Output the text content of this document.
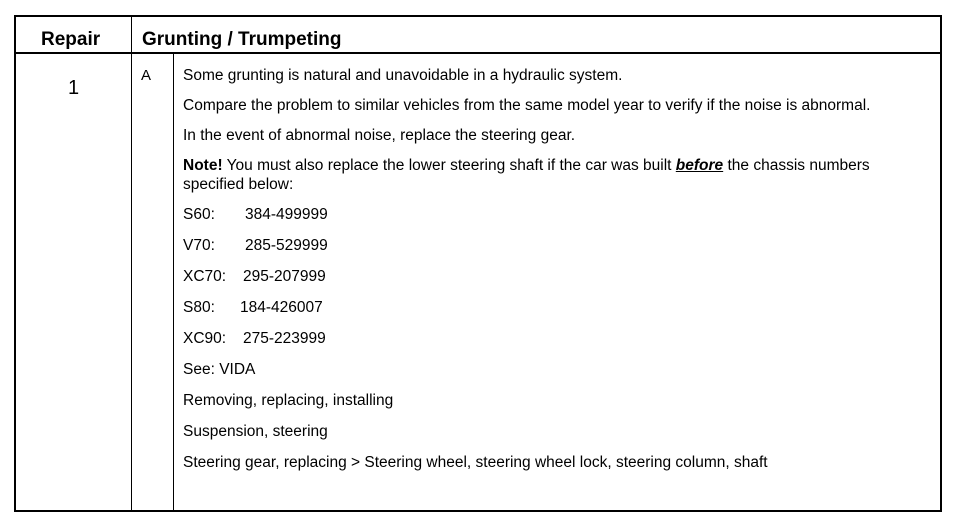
Repair Grunting / Trumpeting
1
A Some grunting is natural and unavoidable in a hydraulic system.

Compare the problem to similar vehicles from the same model year to verify if the noise is abnormal.

In the event of abnormal noise, replace the steering gear.

Note! You must also replace the lower steering shaft if the car was built before the chassis numbers specified below:

S60: 384-499999

V70: 285-529999

XC70: 295-207999

S80: 184-426007

XC90: 275-223999

See: VIDA

Removing, replacing, installing

Suspension, steering

Steering gear, replacing > Steering wheel, steering wheel lock, steering column, shaft
